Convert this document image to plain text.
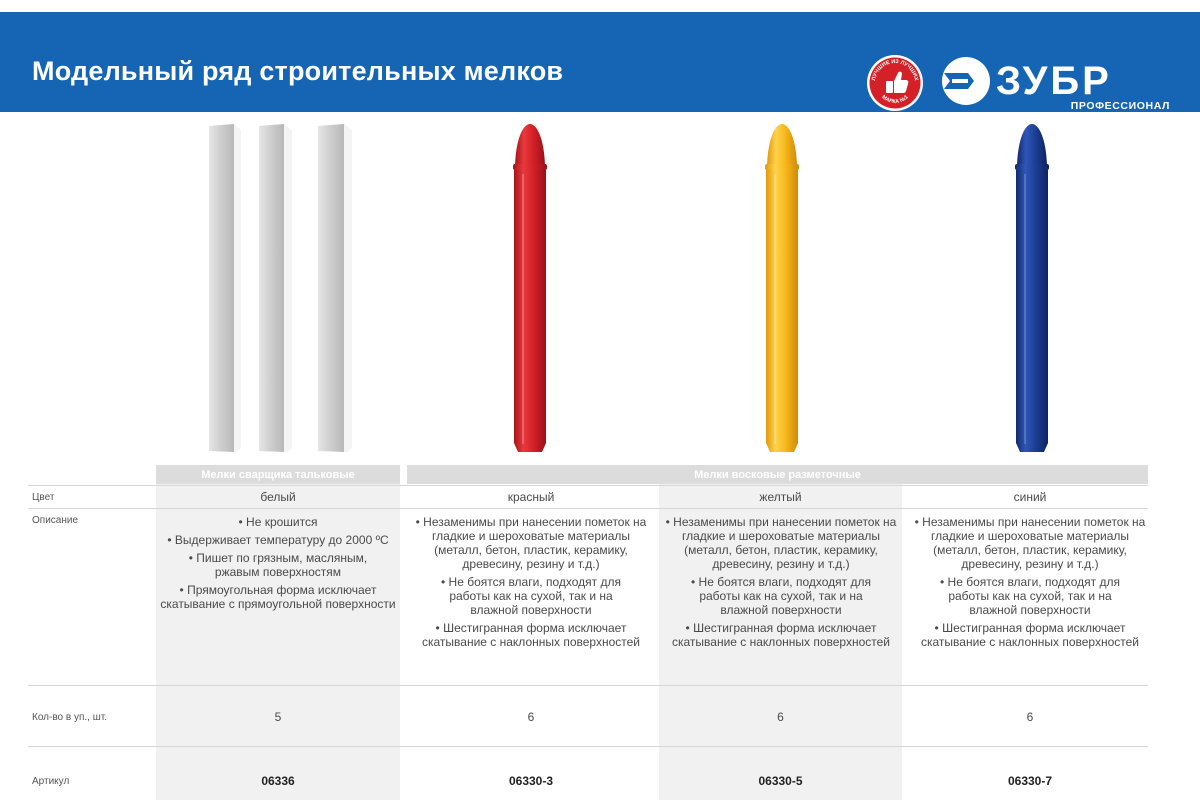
Модельный ряд строительных мелков	ЛУЧШИЕ ИЗ ЛУЧШИХ
МАРКА №1 ЗУБР
ПРОФЕССИОНАЛ
Мелки сварщика тальковые	Мелки восковые разметочные
Цвет
Описание
Кол-во в уп., шт.
Артикул
белый

• Не крошится

• Выдерживает температуру до 2000 ºС

• Пишет по грязным, масляным, ржавым поверхностям

• Прямоугольная форма исключает скатывание с прямоугольной поверхности

5
06336
красный

• Незаменимы при нанесении пометок на гладкие и шероховатые материалы (металл, бетон, пластик, керамику, древесину, резину и т.д.)

• Не боятся влаги, подходят для работы как на сухой, так и на влажной поверхности

• Шестигранная форма исключает скатывание с наклонных поверхностей

6
06330-3
желтый

• Незаменимы при нанесении пометок на гладкие и шероховатые материалы (металл, бетон, пластик, керамику, древесину, резину и т.д.)

• Не боятся влаги, подходят для работы как на сухой, так и на влажной поверхности

• Шестигранная форма исключает скатывание с наклонных поверхностей

6
06330-5
синий

• Незаменимы при нанесении пометок на гладкие и шероховатые материалы (металл, бетон, пластик, керамику, древесину, резину и т.д.)

• Не боятся влаги, подходят для работы как на сухой, так и на влажной поверхности

• Шестигранная форма исключает скатывание с наклонных поверхностей

6
06330-7
